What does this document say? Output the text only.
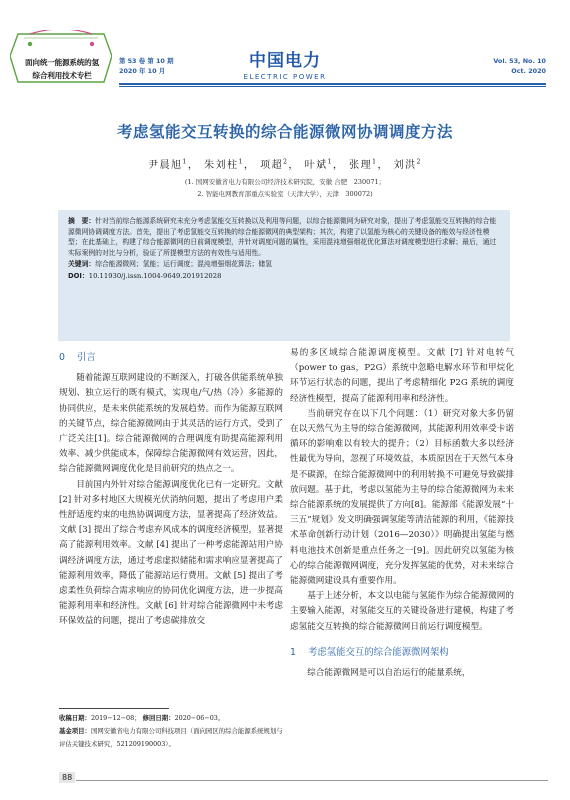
面向统一能源系统的氢
综合利用技术专栏
第 53 卷 第 10 期
2020 年 10 月	中国电力
ELECTRIC POWER
Vol. 53, No. 10
Oct. 2020
考虑氢能交互转换的综合能源微网协调调度方法
尹晨旭$^1$， 朱刘柱$^1$， 项超$^2$， 叶斌$^1$， 张理$^1$， 刘洪$^2$
(1. 国网安徽省电力有限公司经济技术研究院，安徽 合肥　230071；
2. 智能电网教育部重点实验室（天津大学），天津　300072)

摘　要：针对当前综合能源系统研究未充分考虑氢能交互转换以及利用等问题，以综合能源微网为研究对象，提出了考虑氢能交互转换的综合能源微网协调调度方法。首先，提出了考虑氢能交互转换的综合能源微网的典型架构；其次，构建了以氢能为核心的关键设备的能效与经济性模型；在此基础上，构建了综合能源微网的日前调度模型，并针对调度问题的属性，采用混沌增强烟花优化算法对调度模型进行求解；最后，通过实际案例的对比与分析，验证了所提模型方法的有效性与适用性。

关键词：综合能源微网；氢能；运行调度；混沌增强烟花算法；储氢

DOI：10.11930/j.issn.1004-9649.201912028

0 引言

随着能源互联网建设的不断深入，打破各供能系统单独规划、独立运行的既有模式，实现电/气/热（冷）多能源的协同供应，是未来供能系统的发展趋势。而作为能源互联网的关键节点，综合能源微网由于其灵活的运行方式，受到了广泛关注[1]。综合能源微网的合理调度有助提高能源利用效率、减少供能成本，保障综合能源微网有效运营，因此，综合能源微网调度优化是目前研究的热点之一。

目前国内外针对综合能源调度优化已有一定研究。文献 [2] 针对多村地区大规模光伏消纳问题，提出了考虑用户柔性舒适度约束的电热协调调度方法，显著提高了经济效益。文献 [3] 提出了综合考虑弃风成本的调度经济模型，显著提高了能源利用效率。文献 [4] 提出了一种考虑能源站用户协调经济调度方法，通过考虑虚拟储能和需求响应显著提高了能源利用效率，降低了能源站运行费用。文献 [5] 提出了考虑柔性负荷综合需求响应的协同优化调度方法，进一步提高能源利用率和经济性。文献 [6] 针对综合能源微网中未考虑环保效益的问题，提出了考虑碳排放交

易的多区域综合能源调度模型。文献 [7] 针对电转气（power to gas，P2G）系统中忽略电解水环节和甲烷化环节运行状态的问题，提出了考虑精细化 P2G 系统的调度经济性模型，提高了能源利用率和经济性。

当前研究存在以下几个问题：（1）研究对象大多仍留在以天然气为主导的综合能源微网，其能源利用效率受卡诺循环的影响难以有较大的提升；（2）目标函数大多以经济性最优为导向，忽视了环境效益，本质原因在于天然气本身是不碳源，在综合能源微网中的利用转换不可避免导致碳排放问题。基于此，考虑以氢能为主导的综合能源微网为未来综合能源系统的发展提供了方向[8]。能源部《能源发展“十三五”规划》发文明确强调氢能等清洁能源的利用，《能源技术革命创新行动计划（2016—2030）》明确提出氢能与燃料电池技术创新是重点任务之一[9]。因此研究以氢能为核心的综合能源微网调度，充分发挥氢能的优势，对未来综合能源微网建设具有重要作用。

基于上述分析，本文以电能与氢能作为综合能源微网的主要输入能源，对氢能交互的关键设备进行建模，构建了考虑氢能交互转换的综合能源微网日前运行调度模型。

1 考虑氢能交互的综合能源微网架构

综合能源微网是可以自治运行的能量系统，

收稿日期：2019−12−08； 修回日期：2020−06−03。
基金项目：国网安徽省电力有限公司科技项目（面向园区的综合能源系统规划与评估关键技术研究，521209190003）。
88
